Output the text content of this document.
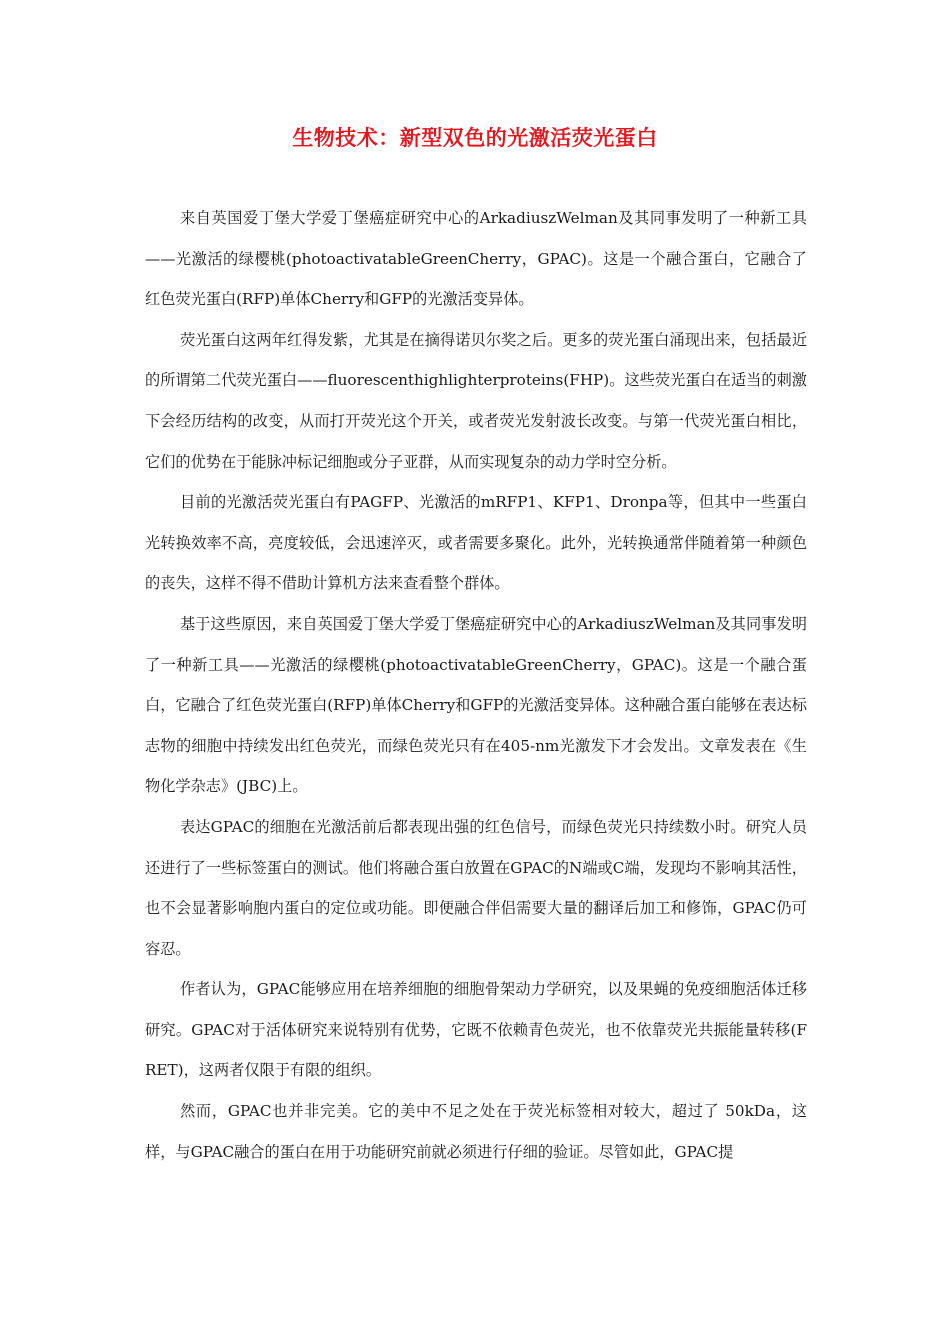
生物技术：新型双色的光激活荧光蛋白

来自英国爱丁堡大学爱丁堡癌症研究中心的ArkadiuszWelman及其同事发明了一种新工具——光激活的绿樱桃(photoactivatableGreenCherry，GPAC)。这是一个融合蛋白，它融合了红色荧光蛋白(RFP)单体Cherry和GFP的光激活变异体。

荧光蛋白这两年红得发紫，尤其是在摘得诺贝尔奖之后。更多的荧光蛋白涌现出来，包括最近的所谓第二代荧光蛋白——fluorescenthighlighterproteins(FHP)。这些荧光蛋白在适当的刺激下会经历结构的改变，从而打开荧光这个开关，或者荧光发射波长改变。与第一代荧光蛋白相比，它们的优势在于能脉冲标记细胞或分子亚群，从而实现复杂的动力学时空分析。

目前的光激活荧光蛋白有PAGFP、光激活的mRFP1、KFP1、Dronpa等，但其中一些蛋白光转换效率不高，亮度较低，会迅速淬灭，或者需要多聚化。此外，光转换通常伴随着第一种颜色的丧失，这样不得不借助计算机方法来查看整个群体。

基于这些原因，来自英国爱丁堡大学爱丁堡癌症研究中心的ArkadiuszWelman及其同事发明了一种新工具——光激活的绿樱桃(photoactivatableGreenCherry，GPAC)。这是一个融合蛋白，它融合了红色荧光蛋白(RFP)单体Cherry和GFP的光激活变异体。这种融合蛋白能够在表达标志物的细胞中持续发出红色荧光，而绿色荧光只有在405-nm光激发下才会发出。文章发表在《生物化学杂志》(JBC)上。

表达GPAC的细胞在光激活前后都表现出强的红色信号，而绿色荧光只持续数小时。研究人员还进行了一些标签蛋白的测试。他们将融合蛋白放置在GPAC的N端或C端，发现均不影响其活性，也不会显著影响胞内蛋白的定位或功能。即便融合伴侣需要大量的翻译后加工和修饰，GPAC仍可容忍。

作者认为，GPAC能够应用在培养细胞的细胞骨架动力学研究，以及果蝇的免疫细胞活体迁移研究。GPAC对于活体研究来说特别有优势，它既不依赖青色荧光，也不依靠荧光共振能量转移(FRET)，这两者仅限于有限的组织。

然而，GPAC也并非完美。它的美中不足之处在于荧光标签相对较大，超过了 50kDa，这样，与GPAC融合的蛋白在用于功能研究前就必须进行仔细的验证。尽管如此，GPAC提
